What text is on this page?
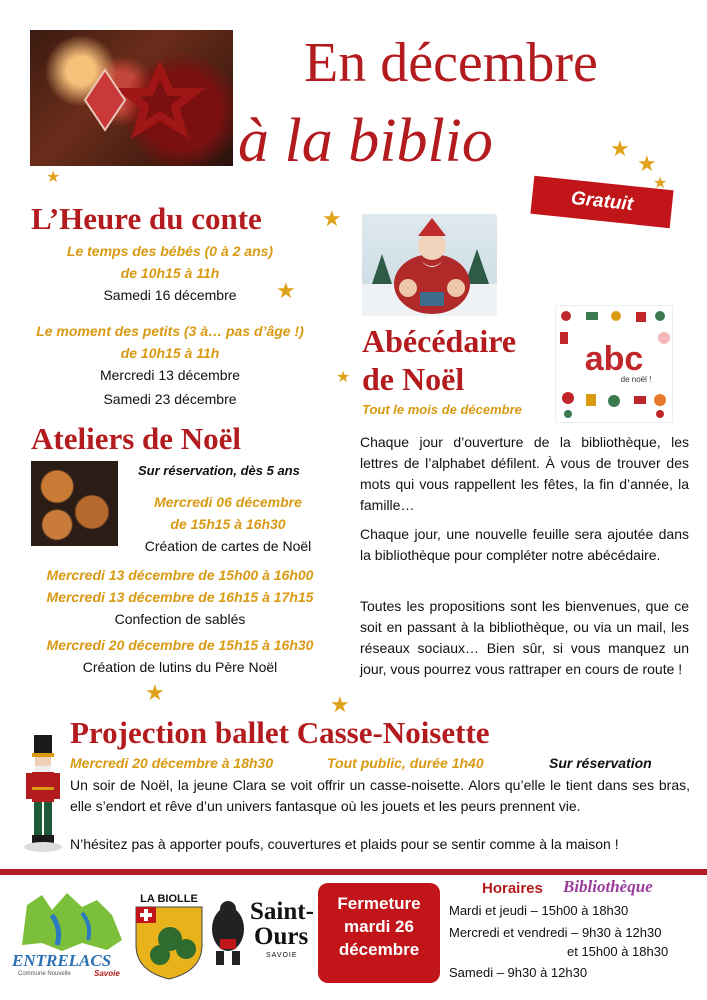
En décembre
à la biblio
Gratuit
★
★
★
★
★
★
★
★	★
L’Heure du conte
Le temps des bébés (0 à 2 ans)
de 10h15 à 11h
Samedi 16 décembre
Le moment des petits (3 à… pas d’âge !)
de 10h15 à 11h
Mercredi 13 décembre
Samedi 23 décembre
Abécédaire
de Noël
Tout le mois de décembre
abc
de noël !
Chaque jour d’ouverture de la bibliothèque, les lettres de l’alphabet défilent. À vous de trouver des mots qui vous rappellent les fêtes, la fin d’année, la famille…
Chaque jour, une nouvelle feuille sera ajoutée dans la bibliothèque pour compléter notre abécédaire.
Toutes les propositions sont les bienvenues, que ce soit en passant à la bibliothèque, ou via un mail, les réseaux sociaux… Bien sûr, si vous manquez un jour, vous pourrez vous rattraper en cours de route !
Ateliers de Noël
Sur réservation, dès 5 ans
Mercredi 06 décembre
de 15h15 à 16h30
Création de cartes de Noël
Mercredi 13 décembre de 15h00 à 16h00
Mercredi 13 décembre de 16h15 à 17h15
Confection de sablés
Mercredi 20 décembre de 15h15 à 16h30
Création de lutins du Père Noël
Projection ballet Casse-Noisette
Mercredi 20 décembre à 18h30	Tout public, durée 1h40	Sur réservation
Un soir de Noël, la jeune Clara se voit offrir un casse-noisette. Alors qu’elle le tient dans ses bras, elle s’endort et rêve d’un univers fantasque où les jouets et les peurs prennent vie.
N’hésitez pas à apporter poufs, couvertures et plaids pour se sentir comme à la maison !
ENTRELACS
Commune Nouvelle	Savoie
LA BIOLLE Saint-
Ours
SAVOIE
Fermeture
mardi 26
décembre
Horaires Bibliothèque
Mardi et jeudi – 15h00 à 18h30
Mercredi et vendredi – 9h30 à 12h30
et 15h00 à 18h30
Samedi – 9h30 à 12h30
